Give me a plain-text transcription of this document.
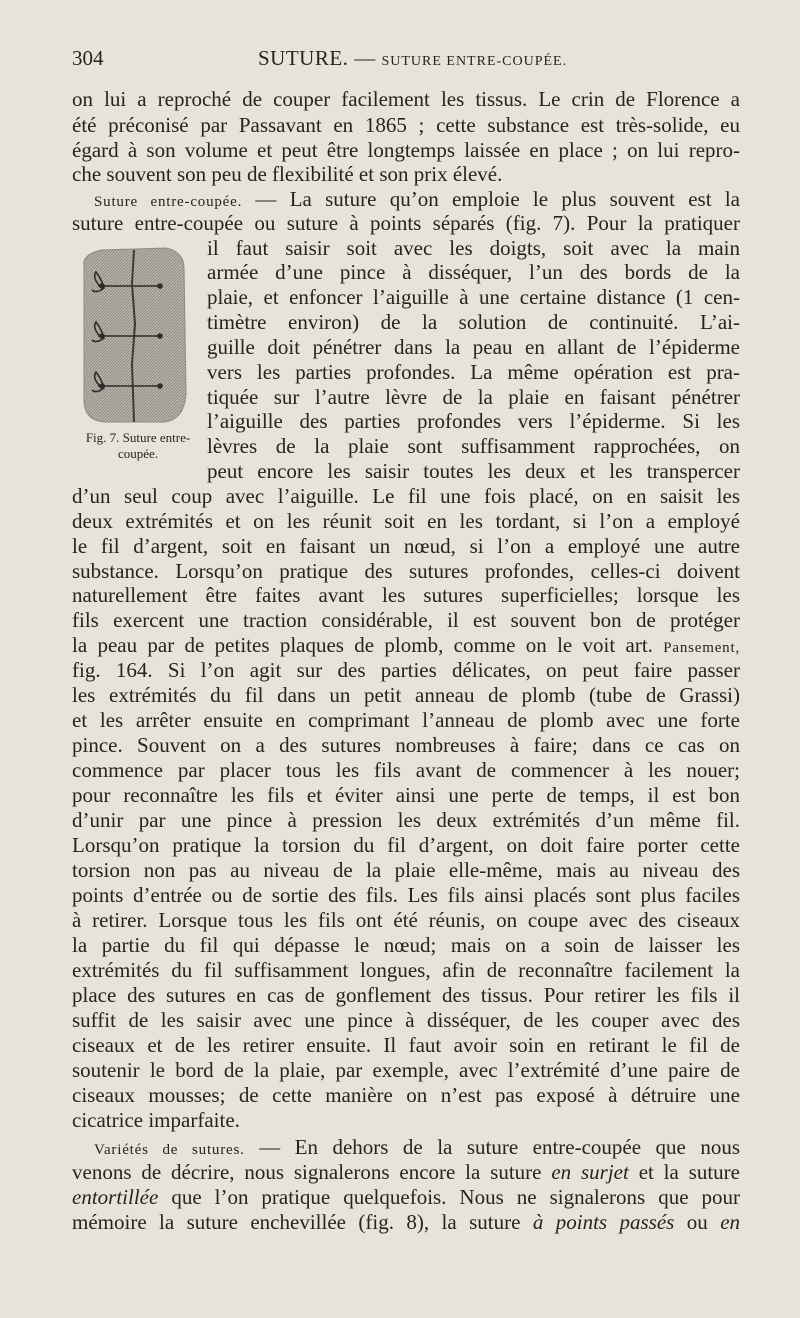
304	SUTURE. — SUTURE ENTRE-COUPÉE.
on lui a reproché de couper facilement les tissus. Le crin de Florence a
été préconisé par Passavant en 1865 ; cette substance est très-solide, eu
égard à son volume et peut être longtemps laissée en place ; on lui repro-
che souvent son peu de flexibilité et son prix élevé.
Suture entre-coupée. — La suture qu’on emploie le plus souvent est la
suture entre-coupée ou suture à points séparés (fig. 7). Pour la pratiquer
il faut saisir soit avec les doigts, soit avec la main
armée d’une pince à disséquer, l’un des bords de la
plaie, et enfoncer l’aiguille à une certaine distance (1 cen-
timètre environ) de la solution de continuité. L’ai-
guille doit pénétrer dans la peau en allant de l’épiderme
vers les parties profondes. La même opération est pra-
tiquée sur l’autre lèvre de la plaie en faisant pénétrer
l’aiguille des parties profondes vers l’épiderme. Si les
lèvres de la plaie sont suffisamment rapprochées, on
peut encore les saisir toutes les deux et les transpercer
d’un seul coup avec l’aiguille. Le fil une fois placé, on en saisit les
deux extrémités et on les réunit soit en les tordant, si l’on a employé
le fil d’argent, soit en faisant un nœud, si l’on a employé une autre
substance. Lorsqu’on pratique des sutures profondes, celles-ci doivent
naturellement être faites avant les sutures superficielles; lorsque les
fils exercent une traction considérable, il est souvent bon de protéger
la peau par de petites plaques de plomb, comme on le voit art. Pansement,
fig. 164. Si l’on agit sur des parties délicates, on peut faire passer
les extrémités du fil dans un petit anneau de plomb (tube de Grassi)
et les arrêter ensuite en comprimant l’anneau de plomb avec une forte
pince. Souvent on a des sutures nombreuses à faire; dans ce cas on
commence par placer tous les fils avant de commencer à les nouer;
pour reconnaître les fils et éviter ainsi une perte de temps, il est bon
d’unir par une pince à pression les deux extrémités d’un même fil.
Lorsqu’on pratique la torsion du fil d’argent, on doit faire porter cette
torsion non pas au niveau de la plaie elle-même, mais au niveau des
points d’entrée ou de sortie des fils. Les fils ainsi placés sont plus faciles
à retirer. Lorsque tous les fils ont été réunis, on coupe avec des ciseaux
la partie du fil qui dépasse le nœud; mais on a soin de laisser les
extrémités du fil suffisamment longues, afin de reconnaître facilement la
place des sutures en cas de gonflement des tissus. Pour retirer les fils il
suffit de les saisir avec une pince à disséquer, de les couper avec des
ciseaux et de les retirer ensuite. Il faut avoir soin en retirant le fil de
soutenir le bord de la plaie, par exemple, avec l’extrémité d’une paire de
ciseaux mousses; de cette manière on n’est pas exposé à détruire une
cicatrice imparfaite.
Variétés de sutures. — En dehors de la suture entre-coupée que nous
venons de décrire, nous signalerons encore la suture en surjet et la suture
entortillée que l’on pratique quelquefois. Nous ne signalerons que pour
mémoire la suture enchevillée (fig. 8), la suture à points passés ou en
Fig. 7. Suture entre-
coupée.
